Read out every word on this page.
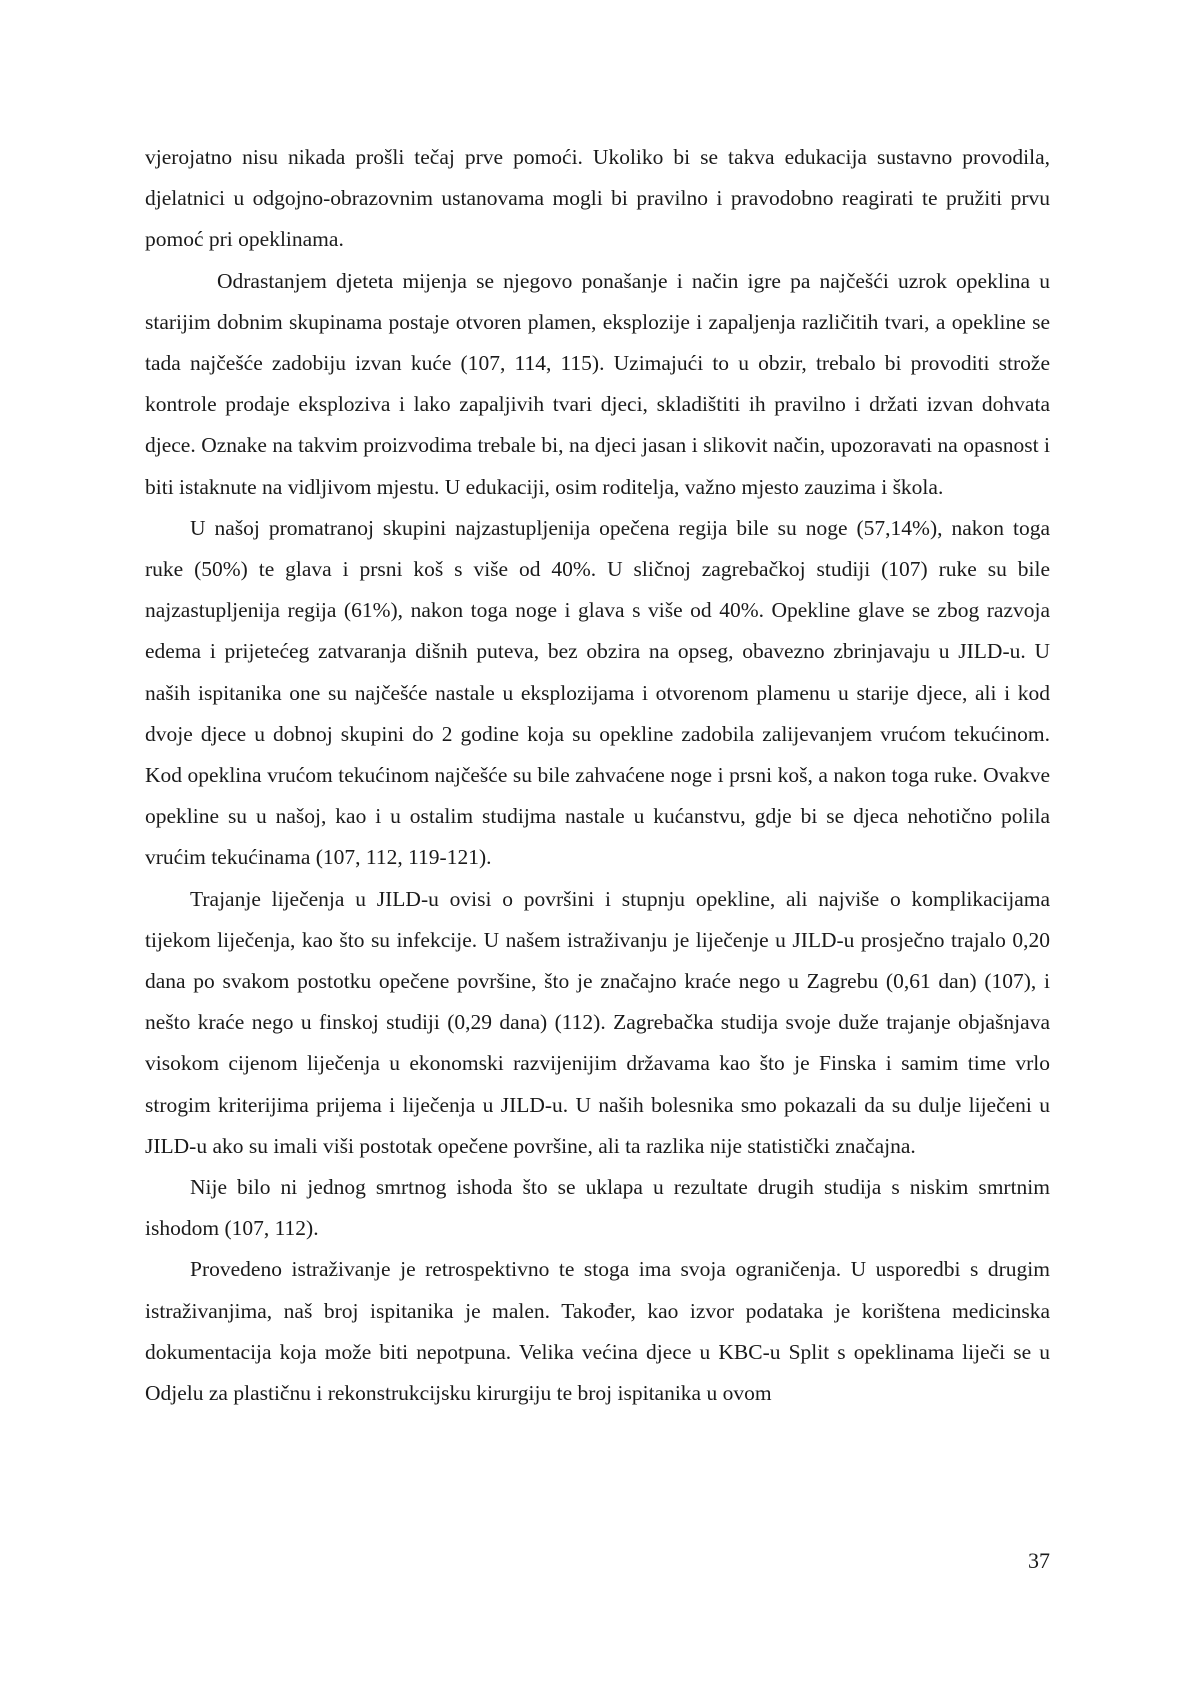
vjerojatno nisu nikada prošli tečaj prve pomoći. Ukoliko bi se takva edukacija sustavno provodila, djelatnici u odgojno-obrazovnim ustanovama mogli bi pravilno i pravodobno reagirati te pružiti prvu pomoć pri opeklinama.

Odrastanjem djeteta mijenja se njegovo ponašanje i način igre pa najčešći uzrok opeklina u starijim dobnim skupinama postaje otvoren plamen, eksplozije i zapaljenja različitih tvari, a opekline se tada najčešće zadobiju izvan kuće (107, 114, 115). Uzimajući to u obzir, trebalo bi provoditi strože kontrole prodaje eksploziva i lako zapaljivih tvari djeci, skladištiti ih pravilno i držati izvan dohvata djece. Oznake na takvim proizvodima trebale bi, na djeci jasan i slikovit način, upozoravati na opasnost i biti istaknute na vidljivom mjestu. U edukaciji, osim roditelja, važno mjesto zauzima i škola.

U našoj promatranoj skupini najzastupljenija opečena regija bile su noge (57,14%), nakon toga ruke (50%) te glava i prsni koš s više od 40%. U sličnoj zagrebačkoj studiji (107) ruke su bile najzastupljenija regija (61%), nakon toga noge i glava s više od 40%. Opekline glave se zbog razvoja edema i prijetećeg zatvaranja dišnih puteva, bez obzira na opseg, obavezno zbrinjavaju u JILD-u. U naših ispitanika one su najčešće nastale u eksplozijama i otvorenom plamenu u starije djece, ali i kod dvoje djece u dobnoj skupini do 2 godine koja su opekline zadobila zalijevanjem vrućom tekućinom. Kod opeklina vrućom tekućinom najčešće su bile zahvaćene noge i prsni koš, a nakon toga ruke. Ovakve opekline su u našoj, kao i u ostalim studijma nastale u kućanstvu, gdje bi se djeca nehotično polila vrućim tekućinama (107, 112, 119-121).

Trajanje liječenja u JILD-u ovisi o površini i stupnju opekline, ali najviše o komplikacijama tijekom liječenja, kao što su infekcije. U našem istraživanju je liječenje u JILD-u prosječno trajalo 0,20 dana po svakom postotku opečene površine, što je značajno kraće nego u Zagrebu (0,61 dan) (107), i nešto kraće nego u finskoj studiji (0,29 dana) (112). Zagrebačka studija svoje duže trajanje objašnjava visokom cijenom liječenja u ekonomski razvijenijim državama kao što je Finska i samim time vrlo strogim kriterijima prijema i liječenja u JILD-u. U naših bolesnika smo pokazali da su dulje liječeni u JILD-u ako su imali viši postotak opečene površine, ali ta razlika nije statistički značajna.

Nije bilo ni jednog smrtnog ishoda što se uklapa u rezultate drugih studija s niskim smrtnim ishodom (107, 112).

Provedeno istraživanje je retrospektivno te stoga ima svoja ograničenja. U usporedbi s drugim istraživanjima, naš broj ispitanika je malen. Također, kao izvor podataka je korištena medicinska dokumentacija koja može biti nepotpuna. Velika većina djece u KBC-u Split s opeklinama liječi se u Odjelu za plastičnu i rekonstrukcijsku kirurgiju te broj ispitanika u ovom

37
